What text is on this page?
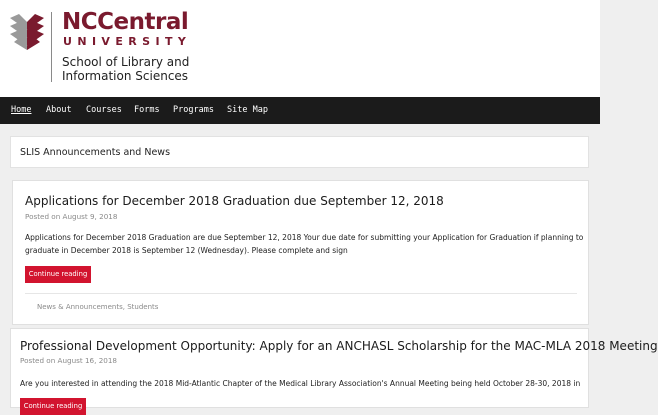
NCCentral
UNIVERSITY
School of Library and
Information Sciences
Home About Courses Forms Programs Site Map
SLIS Announcements and News
Applications for December 2018 Graduation due September 12, 2018
Posted on August 9, 2018
Applications for December 2018 Graduation are due September 12, 2018 Your due date for submitting your Application for Graduation if planning to
graduate in December 2018 is September 12 (Wednesday). Please complete and sign
Continue reading
News & Announcements, Students
Professional Development Opportunity: Apply for an ANCHASL Scholarship for the MAC-MLA 2018 Meeting
Posted on August 16, 2018
Are you interested in attending the 2018 Mid-Atlantic Chapter of the Medical Library Association's Annual Meeting being held October 28-30, 2018 in
Continue reading
